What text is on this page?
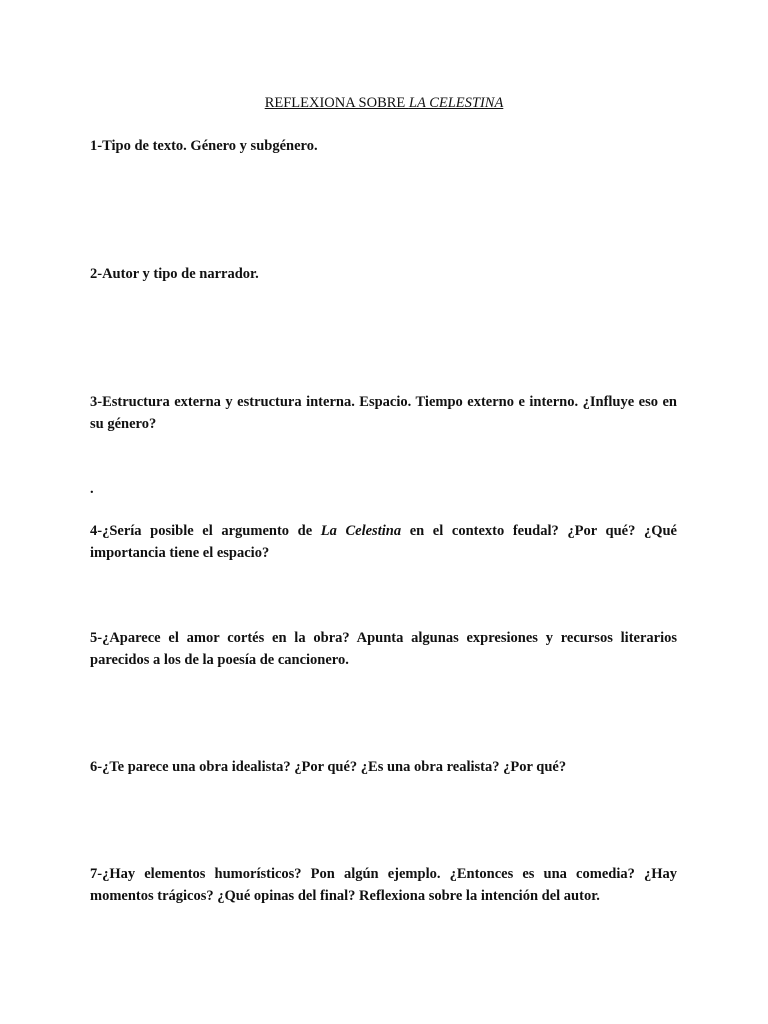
REFLEXIONA SOBRE LA CELESTINA

1-Tipo de texto. Género y subgénero.

2-Autor y tipo de narrador.

3-Estructura externa y estructura interna. Espacio. Tiempo externo e interno. ¿Influye eso en su género?

.

4-¿Sería posible el argumento de La Celestina en el contexto feudal? ¿Por qué? ¿Qué importancia tiene el espacio?

5-¿Aparece el amor cortés en la obra? Apunta algunas expresiones y recursos literarios parecidos a los de la poesía de cancionero.

6-¿Te parece una obra idealista? ¿Por qué? ¿Es una obra realista? ¿Por qué?

7-¿Hay elementos humorísticos? Pon algún ejemplo. ¿Entonces es una comedia? ¿Hay momentos trágicos? ¿Qué opinas del final? Reflexiona sobre la intención del autor.
